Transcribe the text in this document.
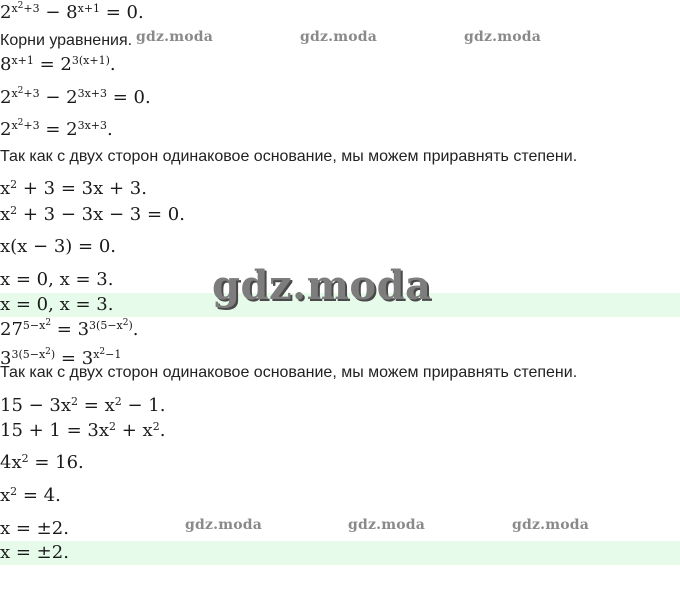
$2^{x^2+3} - 8^{x+1} = 0$.
Корни уравнения.
$8^{x+1} = 2^{3(x+1)}$.
$2^{x^2+3} - 2^{3x+3} = 0$.
$2^{x^2+3} = 2^{3x+3}$.
Так как с двух сторон одинаковое основание, мы можем приравнять степени.
$x^2 + 3 = 3x + 3$.
$x^2 + 3 - 3x - 3 = 0$.
x(x − 3) = 0.
x = 0, x = 3.
x = 0, x = 3.
$27^{5-x^2} = 3^{3(5-x^2)}$.
$3^{3(5-x^2)} = 3^{x^2-1}$
Так как с двух сторон одинаковое основание, мы можем приравнять степени.
$15 - 3x^2 = x^2 - 1$.
$15 + 1 = 3x^2 + x^2$.
$4x^2 = 16$.
$x^2 = 4$.
x = ±2.
x = ±2.
gdz.moda	gdz.moda	gdz.moda
gdz.moda
gdz.moda	gdz.moda	gdz.moda
